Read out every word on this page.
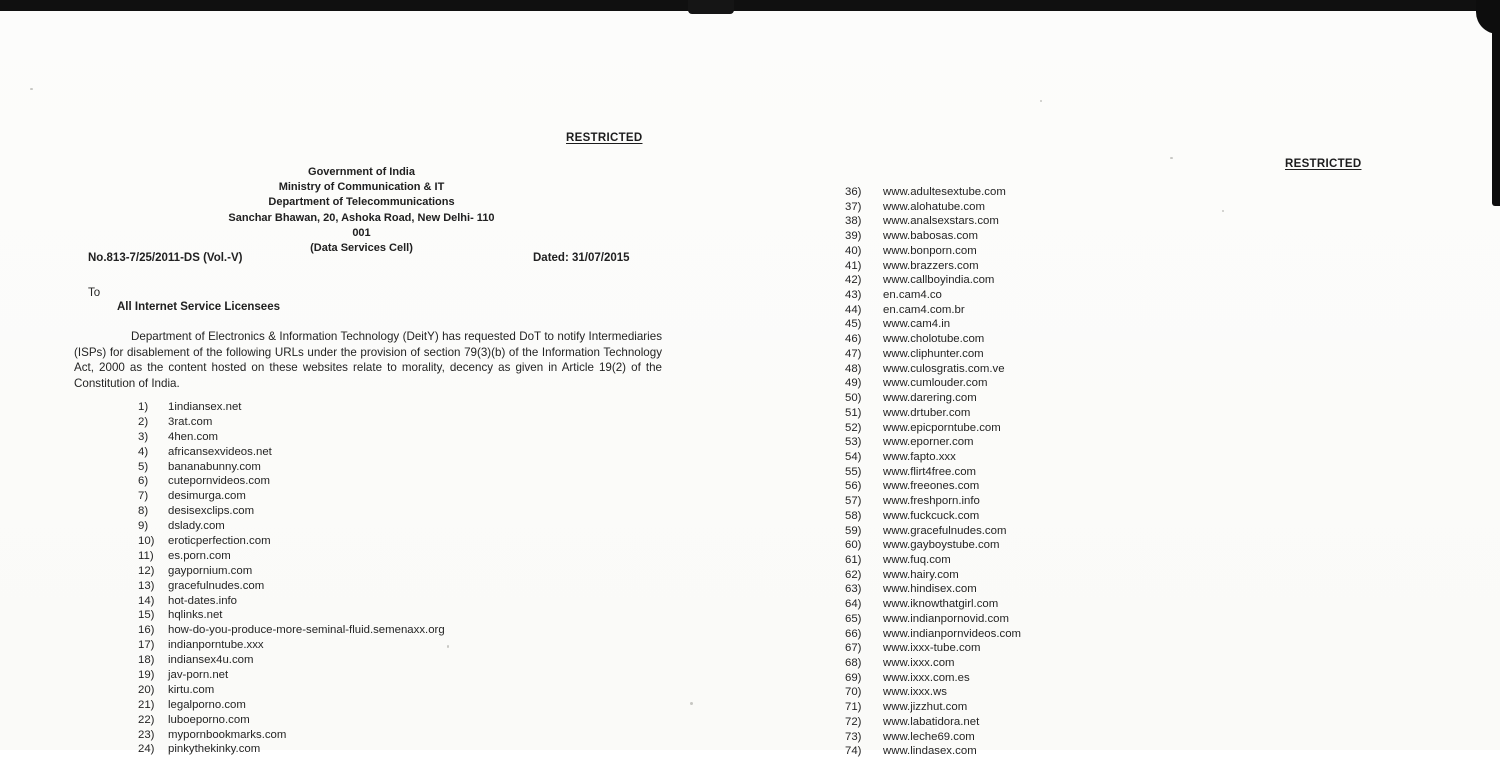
RESTRICTED
Government of India
Ministry of Communication & IT
Department of Telecommunications
Sanchar Bhawan, 20, Ashoka Road, New Delhi- 110 001
(Data Services Cell)
No.813-7/25/2011-DS (Vol.-V)	Dated: 31/07/2015
To
All Internet Service Licensees
Department of Electronics & Information Technology (DeitY) has requested DoT to notify Intermediaries (ISPs) for disablement of the following URLs under the provision of section 79(3)(b) of the Information Technology Act, 2000 as the content hosted on these websites relate to morality, decency as given in Article 19(2) of the Constitution of India.
1)	1indiansex.net
2)	3rat.com
3)	4hen.com
4)	africansexvideos.net
5)	bananabunny.com
6)	cutepornvideos.com
7)	desimurga.com
8)	desisexclips.com
9)	dslady.com
10)	eroticperfection.com
11)	es.porn.com
12)	gaypornium.com
13)	gracefulnudes.com
14)	hot-dates.info
15)	hqlinks.net
16)	how-do-you-produce-more-seminal-fluid.semenaxx.org
17)	indianporntube.xxx
18)	indiansex4u.com
19)	jav-porn.net
20)	kirtu.com
21)	legalporno.com
22)	luboeporno.com
23)	mypornbookmarks.com
24)	pinkythekinky.com
RESTRICTED
36)	www.adultesextube.com
37)	www.alohatube.com
38)	www.analsexstars.com
39)	www.babosas.com
40)	www.bonporn.com
41)	www.brazzers.com
42)	www.callboyindia.com
43)	en.cam4.co
44)	en.cam4.com.br
45)	www.cam4.in
46)	www.cholotube.com
47)	www.cliphunter.com
48)	www.culosgratis.com.ve
49)	www.cumlouder.com
50)	www.darering.com
51)	www.drtuber.com
52)	www.epicporntube.com
53)	www.eporner.com
54)	www.fapto.xxx
55)	www.flirt4free.com
56)	www.freeones.com
57)	www.freshporn.info
58)	www.fuckcuck.com
59)	www.gracefulnudes.com
60)	www.gayboystube.com
61)	www.fuq.com
62)	www.hairy.com
63)	www.hindisex.com
64)	www.iknowthatgirl.com
65)	www.indianpornovid.com
66)	www.indianpornvideos.com
67)	www.ixxx-tube.com
68)	www.ixxx.com
69)	www.ixxx.com.es
70)	www.ixxx.ws
71)	www.jizzhut.com
72)	www.labatidora.net
73)	www.leche69.com
74)	www.lindasex.com
